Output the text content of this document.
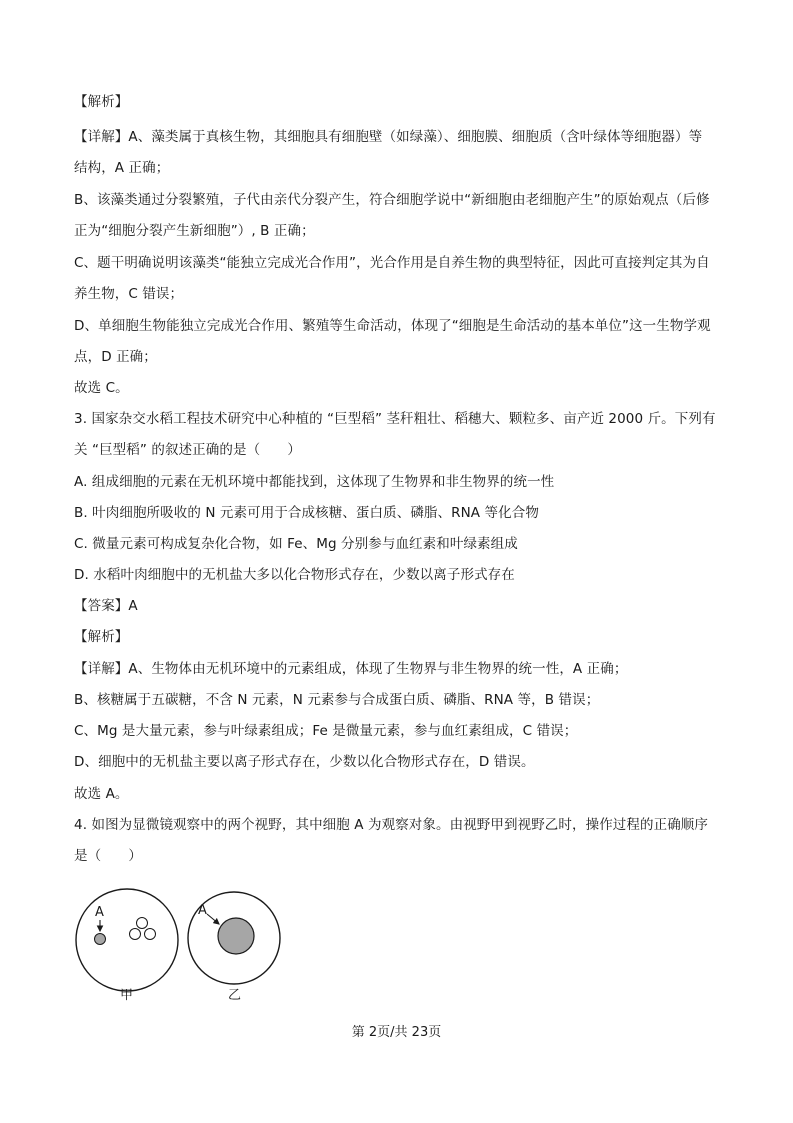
【解析】
【详解】A、藻类属于真核生物，其细胞具有细胞壁（如绿藻）、细胞膜、细胞质（含叶绿体等细胞器）等
结构，A 正确；
B、该藻类通过分裂繁殖，子代由亲代分裂产生，符合细胞学说中“新细胞由老细胞产生”的原始观点（后修
正为“细胞分裂产生新细胞”）, B 正确；
C、题干明确说明该藻类“能独立完成光合作用”，光合作用是自养生物的典型特征，因此可直接判定其为自
养生物，C 错误；
D、单细胞生物能独立完成光合作用、繁殖等生命活动，体现了“细胞是生命活动的基本单位”这一生物学观
点，D 正确；
故选 C。
3. 国家杂交水稻工程技术研究中心种植的 “巨型稻” 茎秆粗壮、稻穗大、颗粒多、亩产近 2000 斤。下列有
关 “巨型稻” 的叙述正确的是（　　）
A. 组成细胞的元素在无机环境中都能找到，这体现了生物界和非生物界的统一性
B. 叶肉细胞所吸收的 N 元素可用于合成核糖、蛋白质、磷脂、RNA 等化合物
C. 微量元素可构成复杂化合物，如 Fe、Mg 分别参与血红素和叶绿素组成
D. 水稻叶肉细胞中的无机盐大多以化合物形式存在，少数以离子形式存在
【答案】A
【解析】
【详解】A、生物体由无机环境中的元素组成，体现了生物界与非生物界的统一性，A 正确；
B、核糖属于五碳糖，不含 N 元素，N 元素参与合成蛋白质、磷脂、RNA 等，B 错误；
C、Mg 是大量元素，参与叶绿素组成；Fe 是微量元素，参与血红素组成，C 错误；
D、细胞中的无机盐主要以离子形式存在，少数以化合物形式存在，D 错误。
故选 A。
4. 如图为显微镜观察中的两个视野，其中细胞 A 为观察对象。由视野甲到视野乙时，操作过程的正确顺序
是（　　）
A
甲
A
乙
第 2页/共 23页
